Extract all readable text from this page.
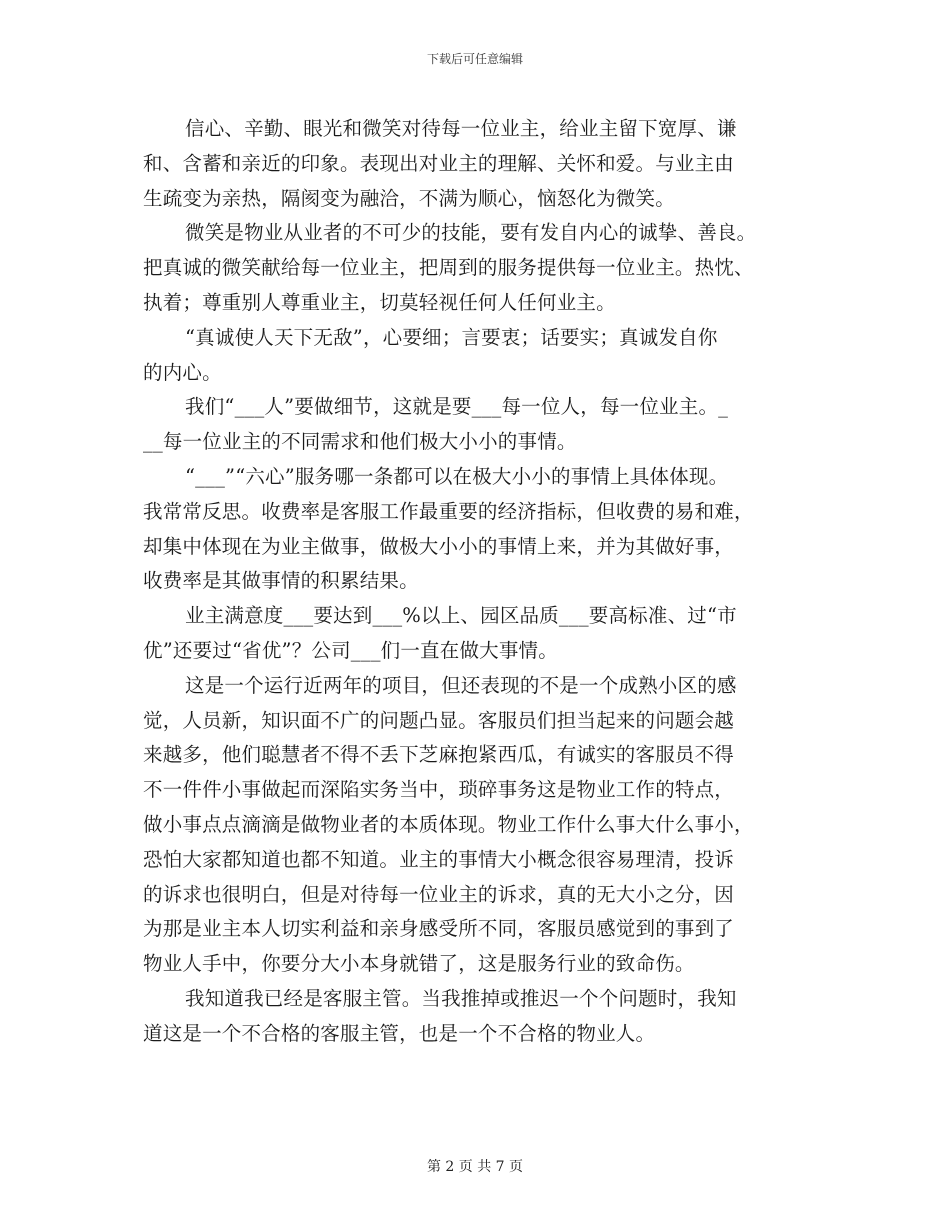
下载后可任意编辑
信心、辛勤、眼光和微笑对待每一位业主，给业主留下宽厚、谦
和、含蓄和亲近的印象。表现出对业主的理解、关怀和爱。与业主由
生疏变为亲热，隔阂变为融洽，不满为顺心，恼怒化为微笑。
微笑是物业从业者的不可少的技能，要有发自内心的诚挚、善良。
把真诚的微笑献给每一位业主，把周到的服务提供每一位业主。热忱、
执着；尊重别人尊重业主，切莫轻视任何人任何业主。
“真诚使人天下无敌”，心要细；言要衷；话要实；真诚发自你
的内心。
我们“___人”要做细节，这就是要___每一位人，每一位业主。_
__每一位业主的不同需求和他们极大小小的事情。
“___”“六心”服务哪一条都可以在极大小小的事情上具体体现。
我常常反思。收费率是客服工作最重要的经济指标，但收费的易和难，
却集中体现在为业主做事，做极大小小的事情上来，并为其做好事，
收费率是其做事情的积累结果。
业主满意度___要达到___%以上、园区品质___要高标准、过“市
优”还要过“省优”？公司___们一直在做大事情。
这是一个运行近两年的项目，但还表现的不是一个成熟小区的感
觉，人员新，知识面不广的问题凸显。客服员们担当起来的问题会越
来越多，他们聪慧者不得不丢下芝麻抱紧西瓜，有诚实的客服员不得
不一件件小事做起而深陷实务当中，琐碎事务这是物业工作的特点，
做小事点点滴滴是做物业者的本质体现。物业工作什么事大什么事小，
恐怕大家都知道也都不知道。业主的事情大小概念很容易理清，投诉
的诉求也很明白，但是对待每一位业主的诉求，真的无大小之分，因
为那是业主本人切实利益和亲身感受所不同，客服员感觉到的事到了
物业人手中，你要分大小本身就错了，这是服务行业的致命伤。
我知道我已经是客服主管。当我推掉或推迟一个个问题时，我知
道这是一个不合格的客服主管，也是一个不合格的物业人。
第 2 页 共 7 页
